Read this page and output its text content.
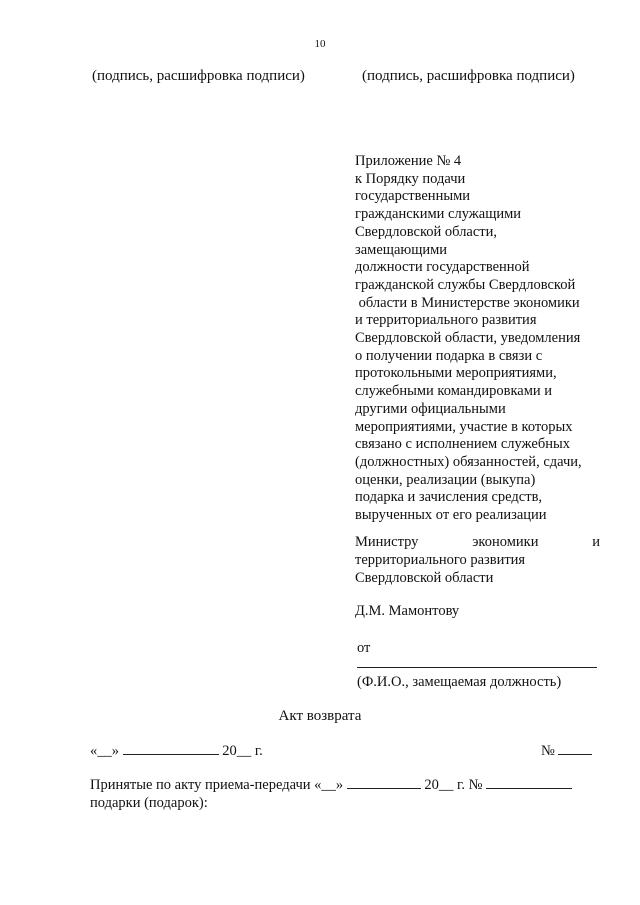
10
(подпись, расшифровка подписи)	(подпись, расшифровка подписи)
Приложение № 4
к Порядку подачи
государственными
гражданскими служащими
Свердловской области,
замещающими
должности государственной
гражданской службы Свердловской
области в Министерстве экономики
и территориального развития
Свердловской области, уведомления
о получении подарка в связи с
протокольными мероприятиями,
служебными командировками и
другими официальными
мероприятиями, участие в которых
связано с исполнением служебных
(должностных) обязанностей, сдачи,
оценки, реализации (выкупа)
подарка и зачисления средств,
вырученных от его реализации
Министру	экономики	и
территориального развития
Свердловской области
Д.М. Мамонтову
от
(Ф.И.О., замещаемая должность)
Акт возврата
«__»	20__ г.	№
Принятые по акту приема-передачи «__»	20__ г. №
подарки (подарок):
